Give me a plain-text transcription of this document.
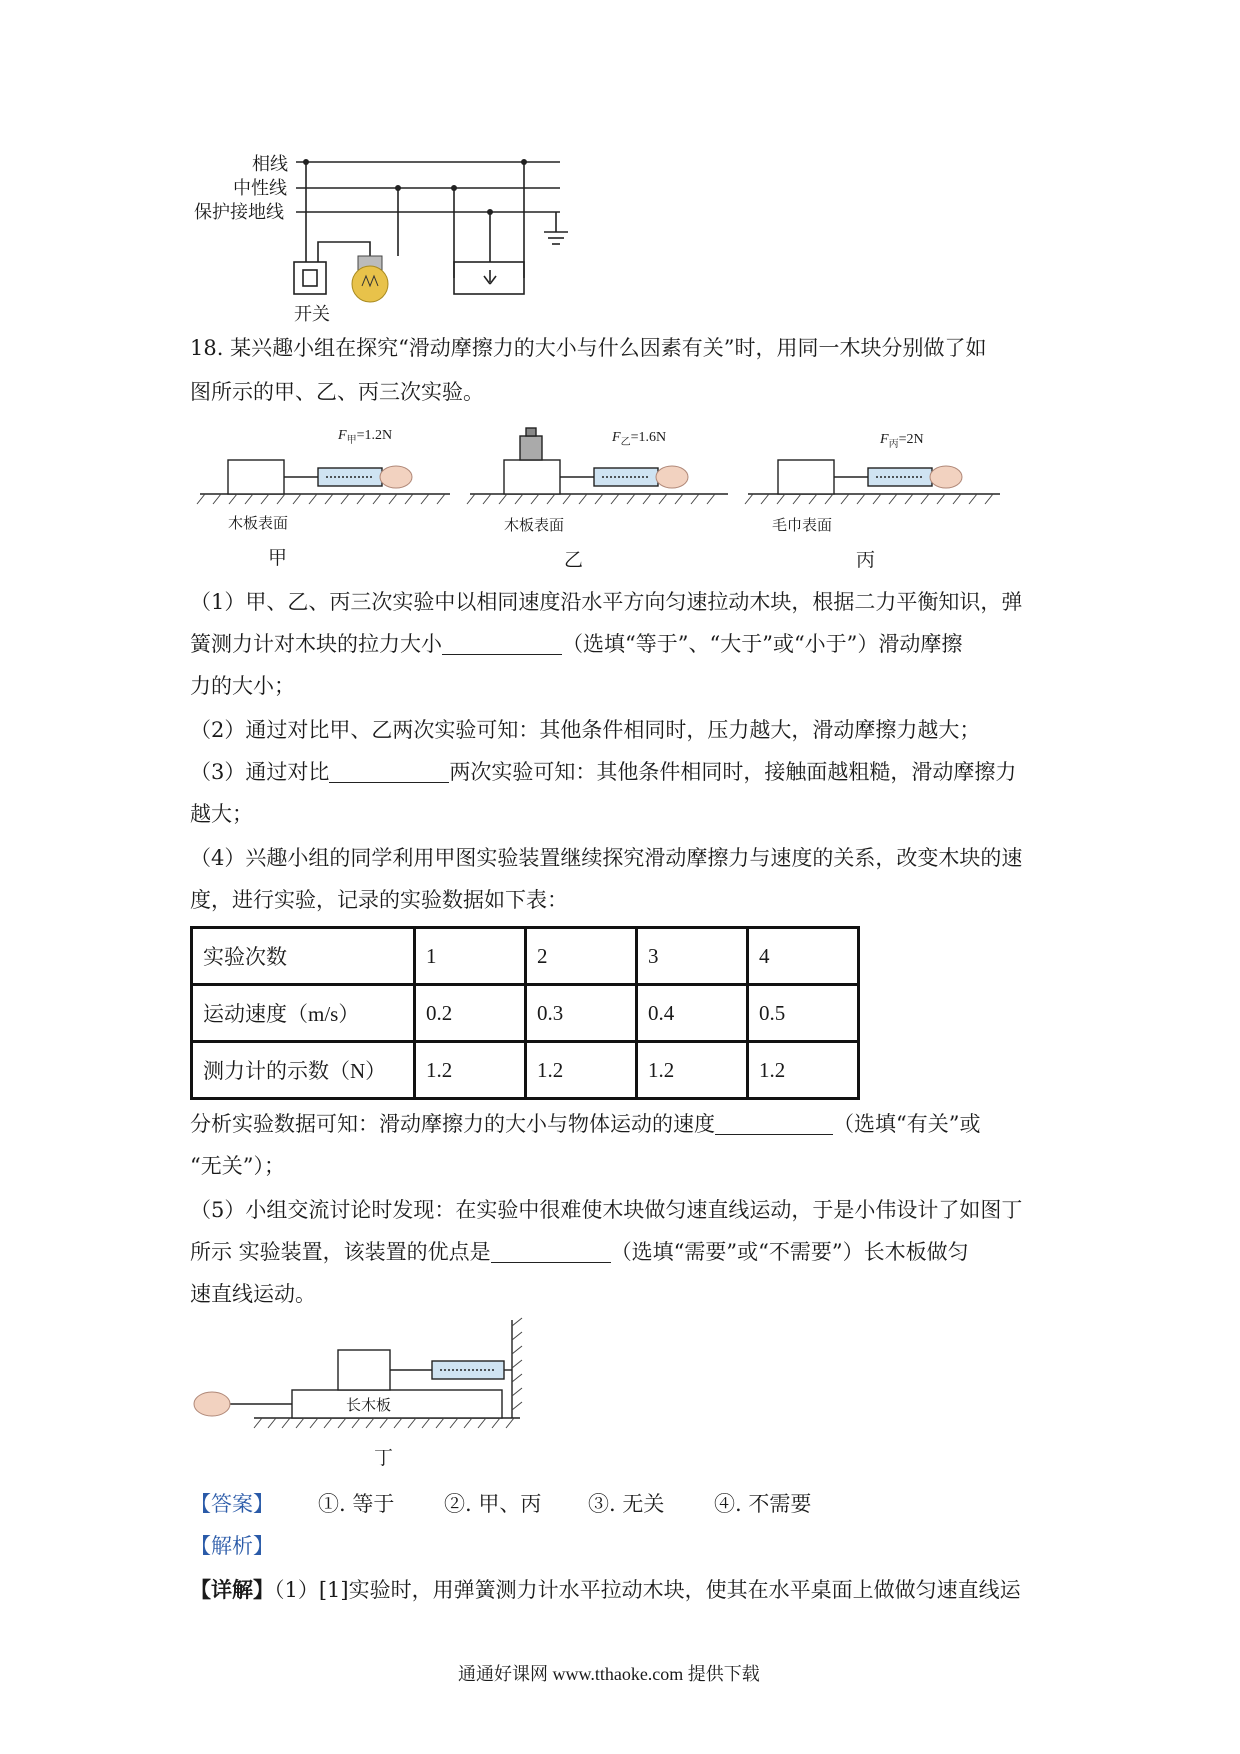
相线
中性线
保护接地线
开关
18. 某兴趣小组在探究“滑动摩擦力的大小与什么因素有关”时，用同一木块分别做了如
图所示的甲、乙、丙三次实验。
$F_甲=1.2N$	$F_乙=1.6N$	$F_丙=2N$
木板表面	木板表面	毛巾表面
甲	乙	丙
（1）甲、乙、丙三次实验中以相同速度沿水平方向匀速拉动木块，根据二力平衡知识，弹
簧测力计对木块的拉力大小	（选填“等于”、“大于”或“小于”）滑动摩擦
力的大小；
（2）通过对比甲、乙两次实验可知：其他条件相同时，压力越大，滑动摩擦力越大；
（3）通过对比	两次实验可知：其他条件相同时，接触面越粗糙，滑动摩擦力
越大；
（4）兴趣小组的同学利用甲图实验装置继续探究滑动摩擦力与速度的关系，改变木块的速
度，进行实验，记录的实验数据如下表：
实验次数	1	2	3	4
运动速度（m/s）	0.2	0.3	0.4	0.5
测力计的示数（N）	1.2	1.2	1.2	1.2
分析实验数据可知：滑动摩擦力的大小与物体运动的速度	（选填“有关”或
“无关”）；
（5）小组交流讨论时发现：在实验中很难使木块做匀速直线运动，于是小伟设计了如图丁
所示 实验装置，该装置的优点是	（选填“需要”或“不需要”）长木板做匀
速直线运动。
长木板
丁
【答案】 ①. 等于 ②. 甲、丙 ③. 无关 ④. 不需要
【解析】
【详解】（1）[1]实验时，用弹簧测力计水平拉动木块，使其在水平桌面上做做匀速直线运
通通好课网 www.tthaoke.com 提供下载
